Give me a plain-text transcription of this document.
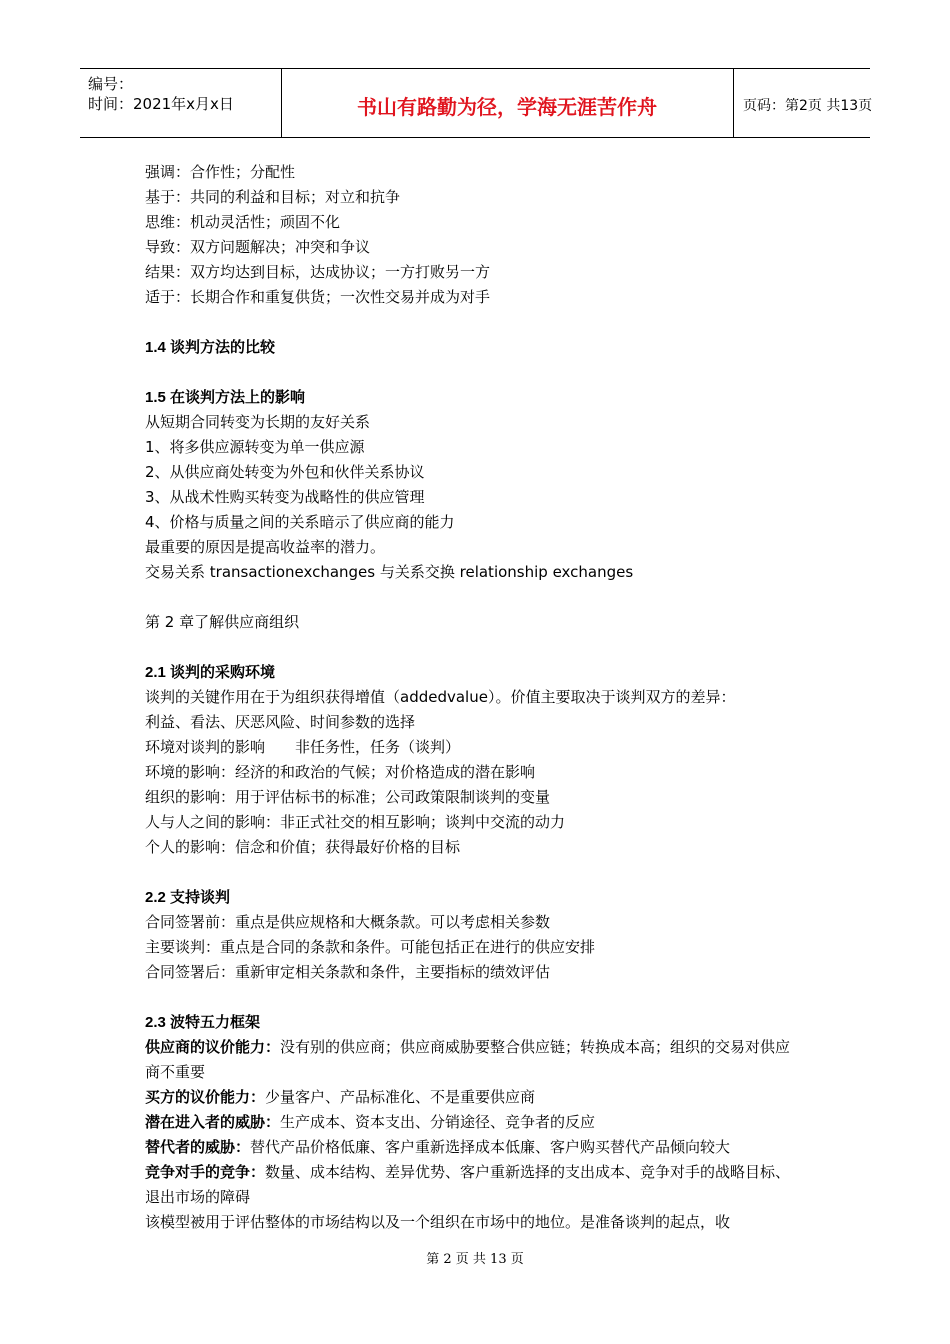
编号：
时间：2021年x月x日	书山有路勤为径，学海无涯苦作舟	页码：第2页 共13页

强调：合作性；分配性

基于：共同的利益和目标；对立和抗争

思维：机动灵活性；顽固不化

导致：双方问题解决；冲突和争议

结果：双方均达到目标，达成协议；一方打败另一方

适于：长期合作和重复供货；一次性交易并成为对手

1.4 谈判方法的比较

1.5 在谈判方法上的影响

从短期合同转变为长期的友好关系

1、将多供应源转变为单一供应源

2、从供应商处转变为外包和伙伴关系协议

3、从战术性购买转变为战略性的供应管理

4、价格与质量之间的关系暗示了供应商的能力

最重要的原因是提高收益率的潜力。

交易关系 transactionexchanges 与关系交换 relationship exchanges

第 2 章了解供应商组织

2.1 谈判的采购环境

谈判的关键作用在于为组织获得增值（addedvalue）。价值主要取决于谈判双方的差异：

利益、看法、厌恶风险、时间参数的选择

环境对谈判的影响　　非任务性，任务（谈判）

环境的影响：经济的和政治的气候；对价格造成的潜在影响

组织的影响：用于评估标书的标准；公司政策限制谈判的变量

人与人之间的影响：非正式社交的相互影响；谈判中交流的动力

个人的影响：信念和价值；获得最好价格的目标

2.2 支持谈判

合同签署前：重点是供应规格和大概条款。可以考虑相关参数

主要谈判：重点是合同的条款和条件。可能包括正在进行的供应安排

合同签署后：重新审定相关条款和条件，主要指标的绩效评估

2.3 波特五力框架

供应商的议价能力：没有别的供应商；供应商威胁要整合供应链；转换成本高；组织的交易对供应商不重要

买方的议价能力：少量客户、产品标准化、不是重要供应商

潜在进入者的威胁：生产成本、资本支出、分销途径、竞争者的反应

替代者的威胁：替代产品价格低廉、客户重新选择成本低廉、客户购买替代产品倾向较大

竞争对手的竞争：数量、成本结构、差异优势、客户重新选择的支出成本、竞争对手的战略目标、退出市场的障碍

该模型被用于评估整体的市场结构以及一个组织在市场中的地位。是准备谈判的起点，收

第 2 页 共 13 页
